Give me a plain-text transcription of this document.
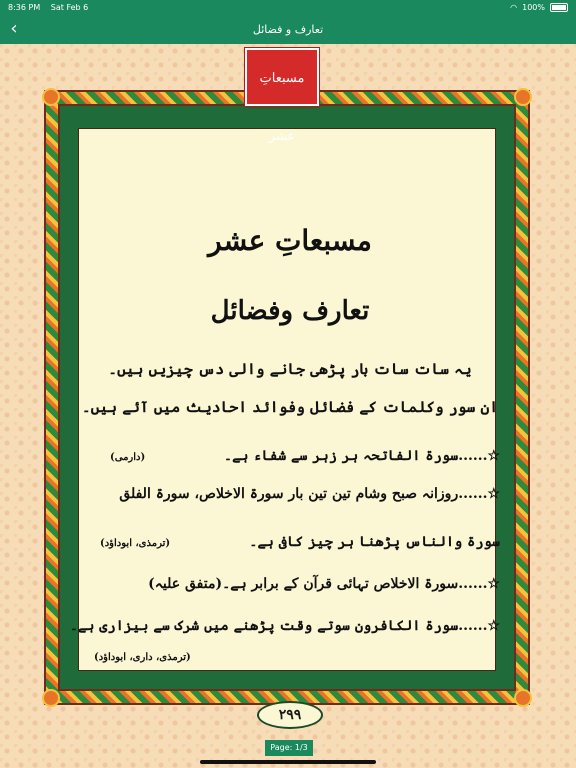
8:36 PM Sat Feb 6	◠ 100%
‹	تعارف و فضائل
مسبعاتِ عشر
مسبعاتِ عشر
تعارف وفضائل
یہ سات سات بار پڑھی جانے والی دس چیزیں ہیں۔
ان سور وکلمات کے فضائل وفوائد احادیث میں آئے ہیں۔
☆......سورۃ الفاتحہ ہر زہر سے شفاء ہے۔
(دارمی)
☆......روزانہ صبح وشام تین تین بار سورۃ الاخلاص، سورۃ الفلق
سورۃ والناس پڑھنا ہر چیز کافی ہے۔
(ترمذی، ابوداؤد)
☆......سورۃ الاخلاص تہائی قرآن کے برابر ہے۔(متفق علیہ)
☆......سورۃ الکافرون سوتے وقت پڑھنے میں شرک سے بیزاری ہے۔
(ترمذی، داری، ابوداؤد)
۲۹۹
Page: 1/3
